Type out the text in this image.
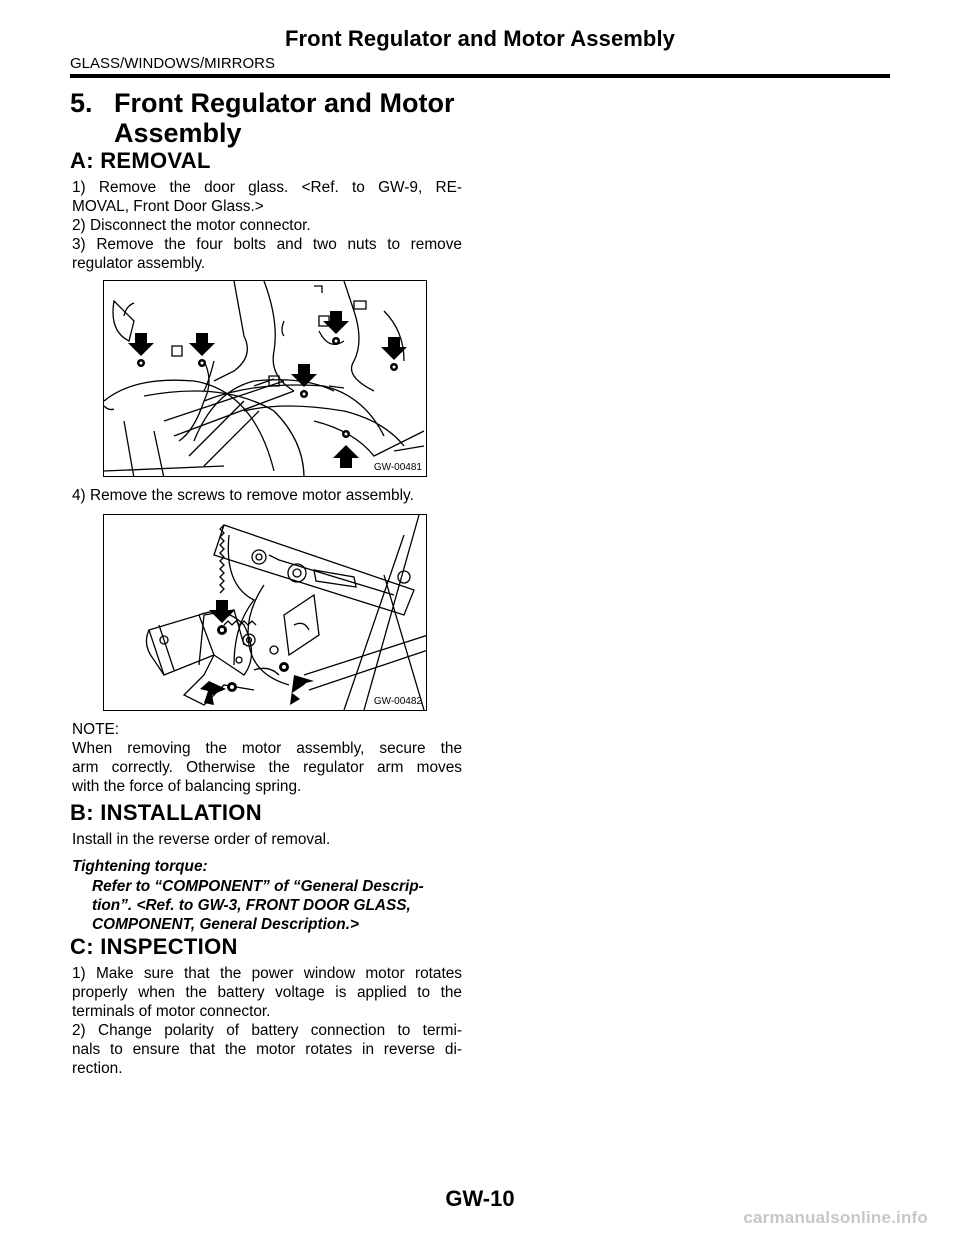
Front Regulator and Motor Assembly
GLASS/WINDOWS/MIRRORS
5. Front Regulator and Motor
Assembly
A: REMOVAL
1) Remove the door glass. <Ref. to GW-9, RE-
MOVAL, Front Door Glass.>
2) Disconnect the motor connector.
3) Remove the four bolts and two nuts to remove
regulator assembly.
GW-00481
4) Remove the screws to remove motor assembly.
GW-00482
NOTE:
When removing the motor assembly, secure the
arm correctly. Otherwise the regulator arm moves
with the force of balancing spring.
B: INSTALLATION
Install in the reverse order of removal.
Tightening torque:
Refer to “COMPONENT” of “General Descrip-
tion”. <Ref. to GW-3, FRONT DOOR GLASS,
COMPONENT, General Description.>
C: INSPECTION
1) Make sure that the power window motor rotates
properly when the battery voltage is applied to the
terminals of motor connector.
2) Change polarity of battery connection to termi-
nals to ensure that the motor rotates in reverse di-
rection.
GW-10
carmanualsonline.info
